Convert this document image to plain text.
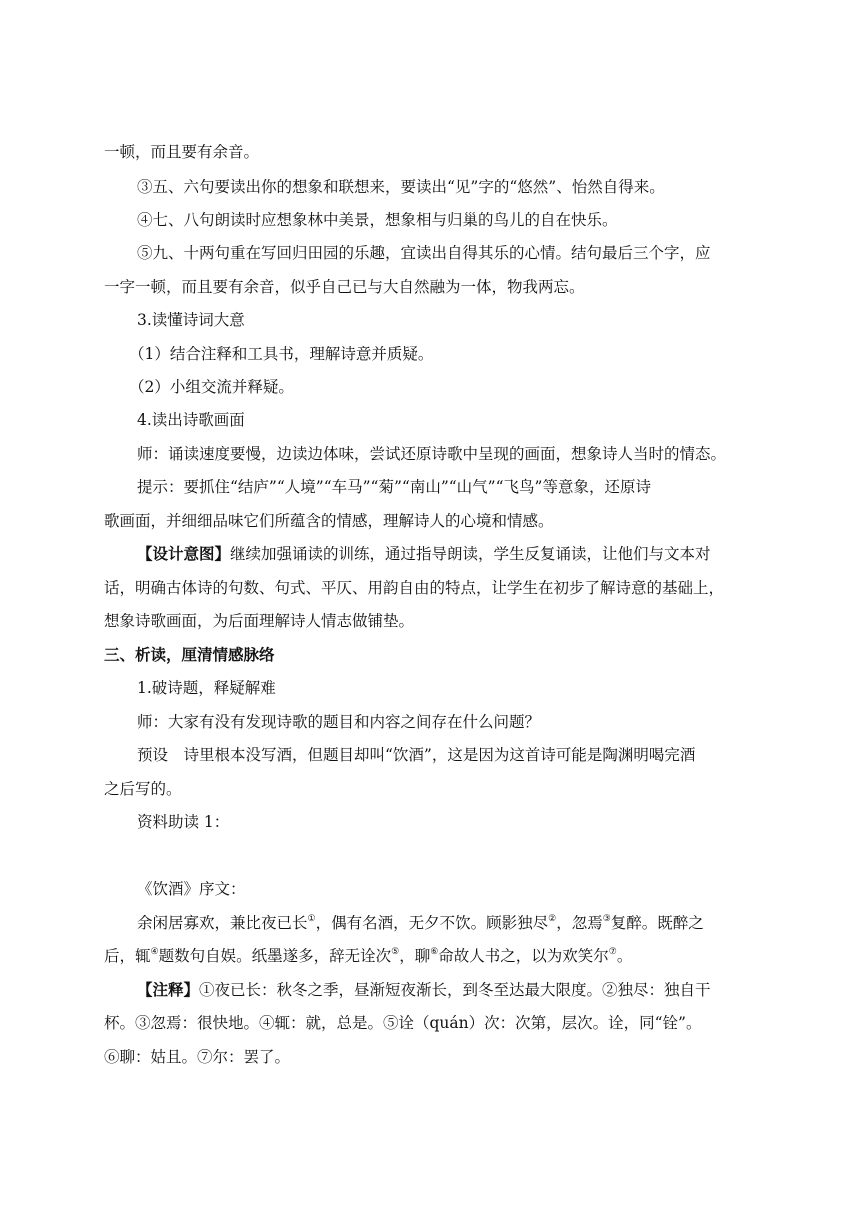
一顿，而且要有余音。
③五、六句要读出你的想象和联想来，要读出“见”字的“悠然”、怡然自得来。
④七、八句朗读时应想象林中美景，想象相与归巢的鸟儿的自在快乐。
⑤九、十两句重在写回归田园的乐趣，宜读出自得其乐的心情。结句最后三个字，应
一字一顿，而且要有余音，似乎自己已与大自然融为一体，物我两忘。
3.读懂诗词大意
（1）结合注释和工具书，理解诗意并质疑。
（2）小组交流并释疑。
4.读出诗歌画面
师：诵读速度要慢，边读边体味，尝试还原诗歌中呈现的画面，想象诗人当时的情态。
提示：要抓住“结庐”“人境”“车马”“菊”“南山”“山气”“飞鸟”等意象，还原诗
歌画面，并细细品味它们所蕴含的情感，理解诗人的心境和情感。
【设计意图】继续加强诵读的训练，通过指导朗读，学生反复诵读，让他们与文本对
话，明确古体诗的句数、句式、平仄、用韵自由的特点，让学生在初步了解诗意的基础上，
想象诗歌画面，为后面理解诗人情志做铺垫。
三、析读，厘清情感脉络
1.破诗题，释疑解难
师：大家有没有发现诗歌的题目和内容之间存在什么问题？
预设　诗里根本没写酒，但题目却叫“饮酒”，这是因为这首诗可能是陶渊明喝完酒
之后写的。
资料助读 1：
《饮酒》序文：
余闲居寡欢，兼比夜已长①，偶有名酒，无夕不饮。顾影独尽②，忽焉③复醉。既醉之
后，辄④题数句自娱。纸墨遂多，辞无诠次⑤，聊⑥命故人书之，以为欢笑尔⑦。
【注释】①夜已长：秋冬之季，昼渐短夜渐长，到冬至达最大限度。②独尽：独自干
杯。③忽焉：很快地。④辄：就，总是。⑤诠（quán）次：次第，层次。诠，同“铨”。
⑥聊：姑且。⑦尔：罢了。
